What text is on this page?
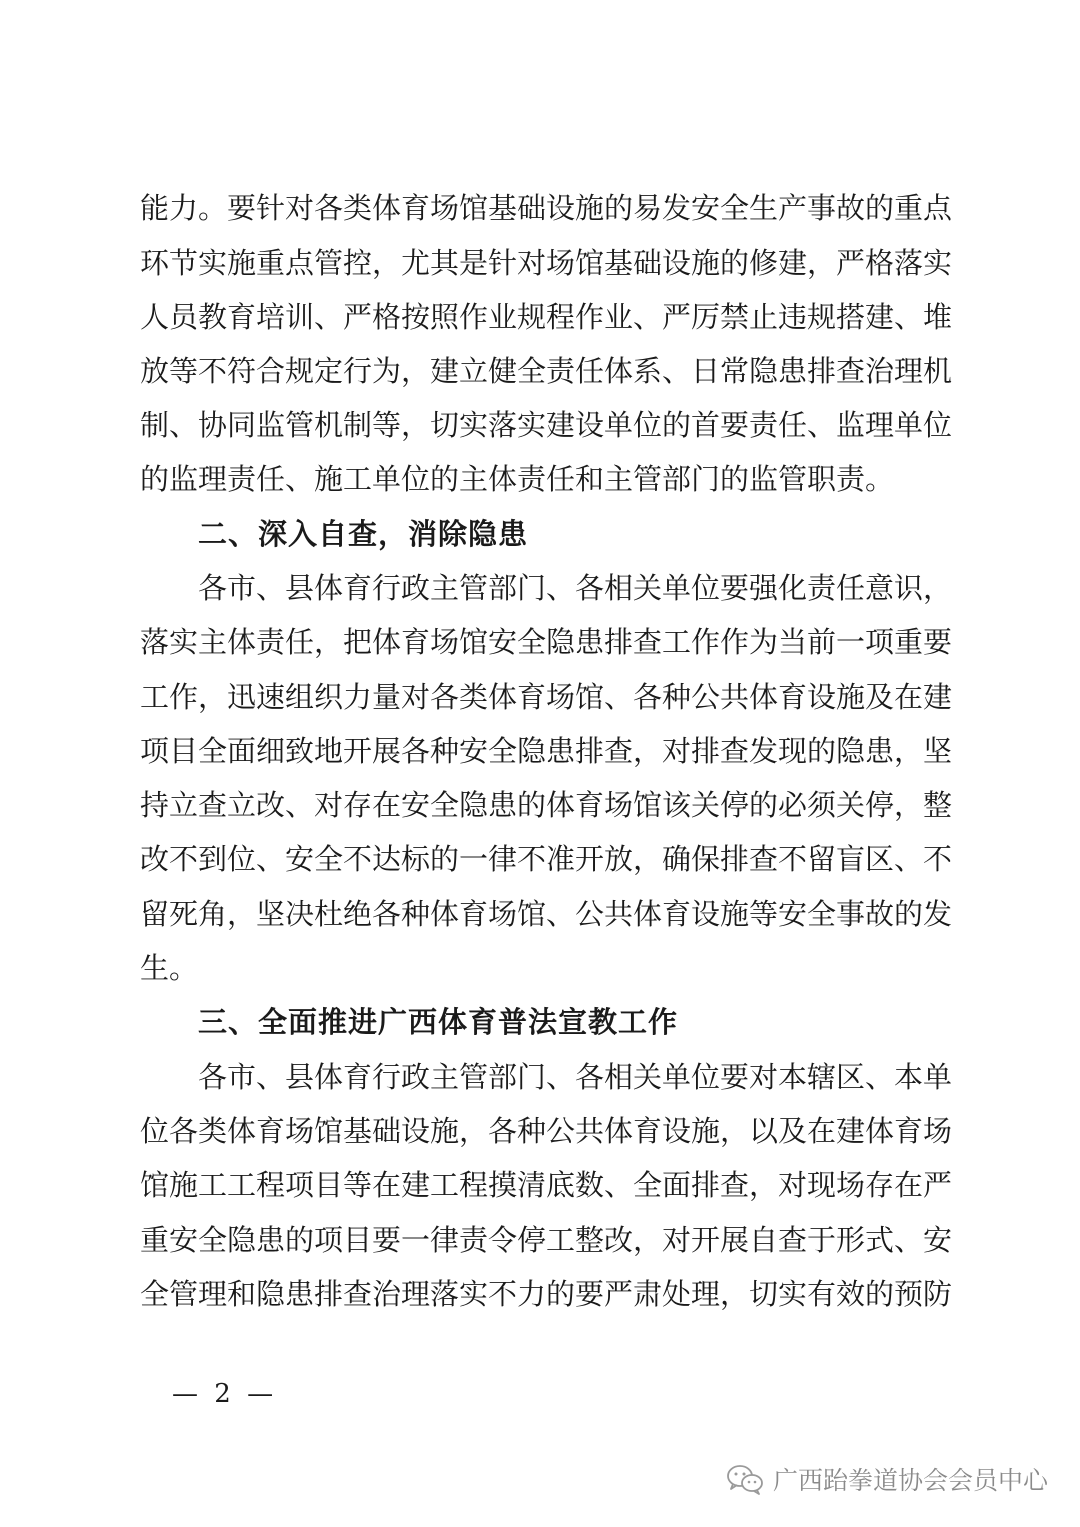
能力。要针对各类体育场馆基础设施的易发安全生产事故的重点
环节实施重点管控，尤其是针对场馆基础设施的修建，严格落实
人员教育培训、严格按照作业规程作业、严厉禁止违规搭建、堆
放等不符合规定行为，建立健全责任体系、日常隐患排查治理机
制、协同监管机制等，切实落实建设单位的首要责任、监理单位
的监理责任、施工单位的主体责任和主管部门的监管职责。
二、深入自查，消除隐患
各市、县体育行政主管部门、各相关单位要强化责任意识，
落实主体责任，把体育场馆安全隐患排查工作作为当前一项重要
工作，迅速组织力量对各类体育场馆、各种公共体育设施及在建
项目全面细致地开展各种安全隐患排查，对排查发现的隐患，坚
持立查立改、对存在安全隐患的体育场馆该关停的必须关停，整
改不到位、安全不达标的一律不准开放，确保排查不留盲区、不
留死角，坚决杜绝各种体育场馆、公共体育设施等安全事故的发
生。
三、全面推进广西体育普法宣教工作
各市、县体育行政主管部门、各相关单位要对本辖区、本单
位各类体育场馆基础设施，各种公共体育设施，以及在建体育场
馆施工工程项目等在建工程摸清底数、全面排查，对现场存在严
重安全隐患的项目要一律责令停工整改，对开展自查于形式、安
全管理和隐患排查治理落实不力的要严肃处理，切实有效的预防
— 2 —
广西跆拳道协会会员中心
